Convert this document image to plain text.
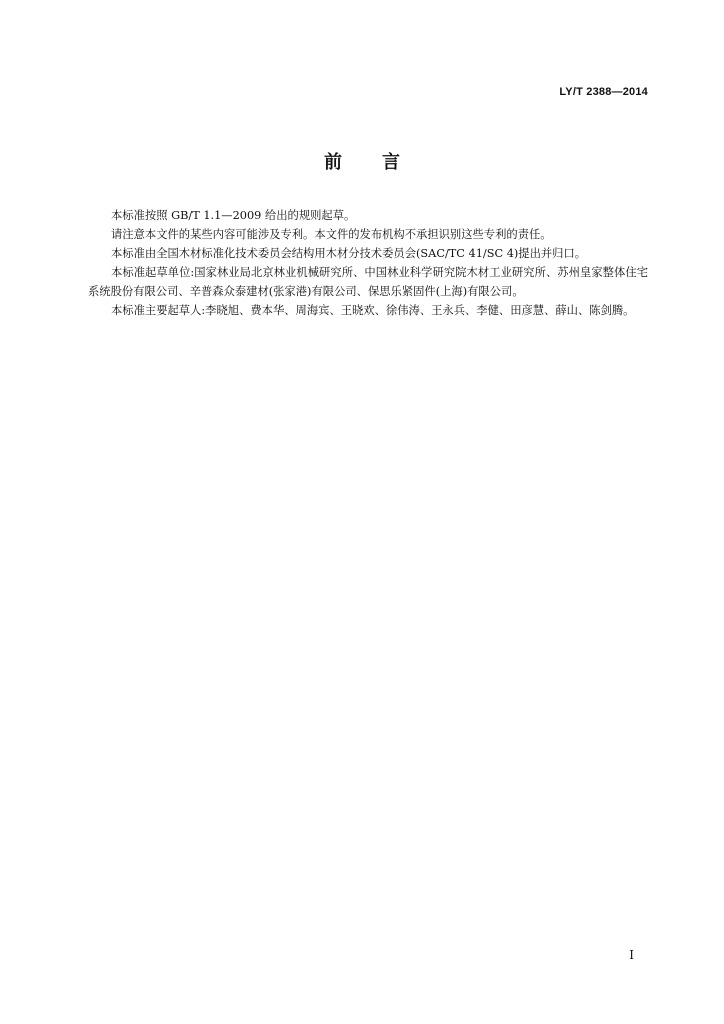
LY/T 2388—2014
前言

本标准按照 GB/T 1.1—2009 给出的规则起草。

请注意本文件的某些内容可能涉及专利。本文件的发布机构不承担识别这些专利的责任。

本标准由全国木材标准化技术委员会结构用木材分技术委员会(SAC/TC 41/SC 4)提出并归口。

本标准起草单位:国家林业局北京林业机械研究所、中国林业科学研究院木材工业研究所、苏州皇家整体住宅系统股份有限公司、辛普森众泰建材(张家港)有限公司、保思乐紧固件(上海)有限公司。

本标准主要起草人:李晓旭、费本华、周海宾、王晓欢、徐伟涛、王永兵、李健、田彦慧、薛山、陈剑腾。

I
